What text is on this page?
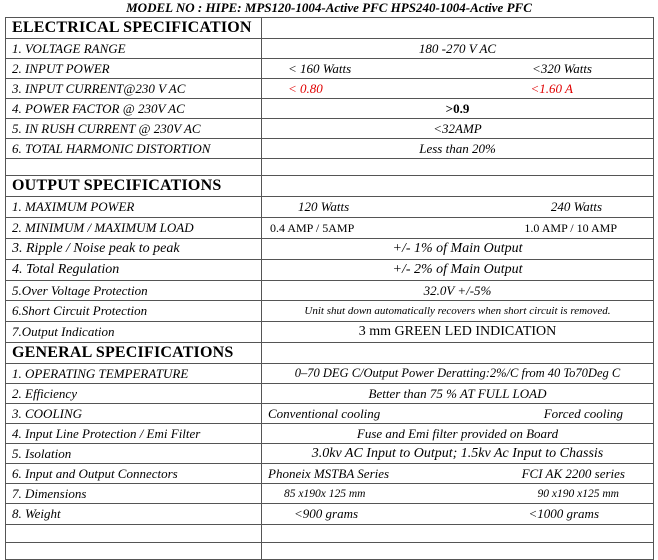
MODEL NO : HIPE: MPS120-1004-Active PFC HPS240-1004-Active PFC
ELECTRICAL SPECIFICATION	
1. VOLTAGE RANGE	180 -270 V AC
2. INPUT POWER	< 160 Watts <320 Watts

3. INPUT CURRENT@230 V AC	< 0.80 <1.60 A

4. POWER FACTOR @ 230V AC	>0.9
5. IN RUSH CURRENT @ 230V AC	<32AMP
6. TOTAL HARMONIC DISTORTION	Less than 20%

OUTPUT SPECIFICATIONS	
1. MAXIMUM POWER	120 Watts 240 Watts

2. MINIMUM / MAXIMUM LOAD	0.4 AMP / 5AMP 1.0 AMP / 10 AMP

3. Ripple / Noise peak to peak	+/- 1% of Main Output
4. Total Regulation	+/- 2% of Main Output
5.Over Voltage Protection	32.0V +/-5%
6.Short Circuit Protection	Unit shut down automatically recovers when short circuit is removed.
7.Output Indication	3 mm GREEN LED INDICATION
GENERAL SPECIFICATIONS	
1. OPERATING TEMPERATURE	0–70 DEG C/Output Power Deratting:2%/C from 40 To70Deg C
2. Efficiency	Better than 75 % AT FULL LOAD
3. COOLING	Conventional cooling Forced cooling

4. Input Line Protection / Emi Filter	Fuse and Emi filter provided on Board
5. Isolation	3.0kv AC Input to Output; 1.5kv Ac Input to Chassis
6. Input and Output Connectors	Phoneix MSTBA Series FCI AK 2200 series

7. Dimensions	85 x190x 125 mm 90 x190 x125 mm

8. Weight	<900 grams <1000 grams
